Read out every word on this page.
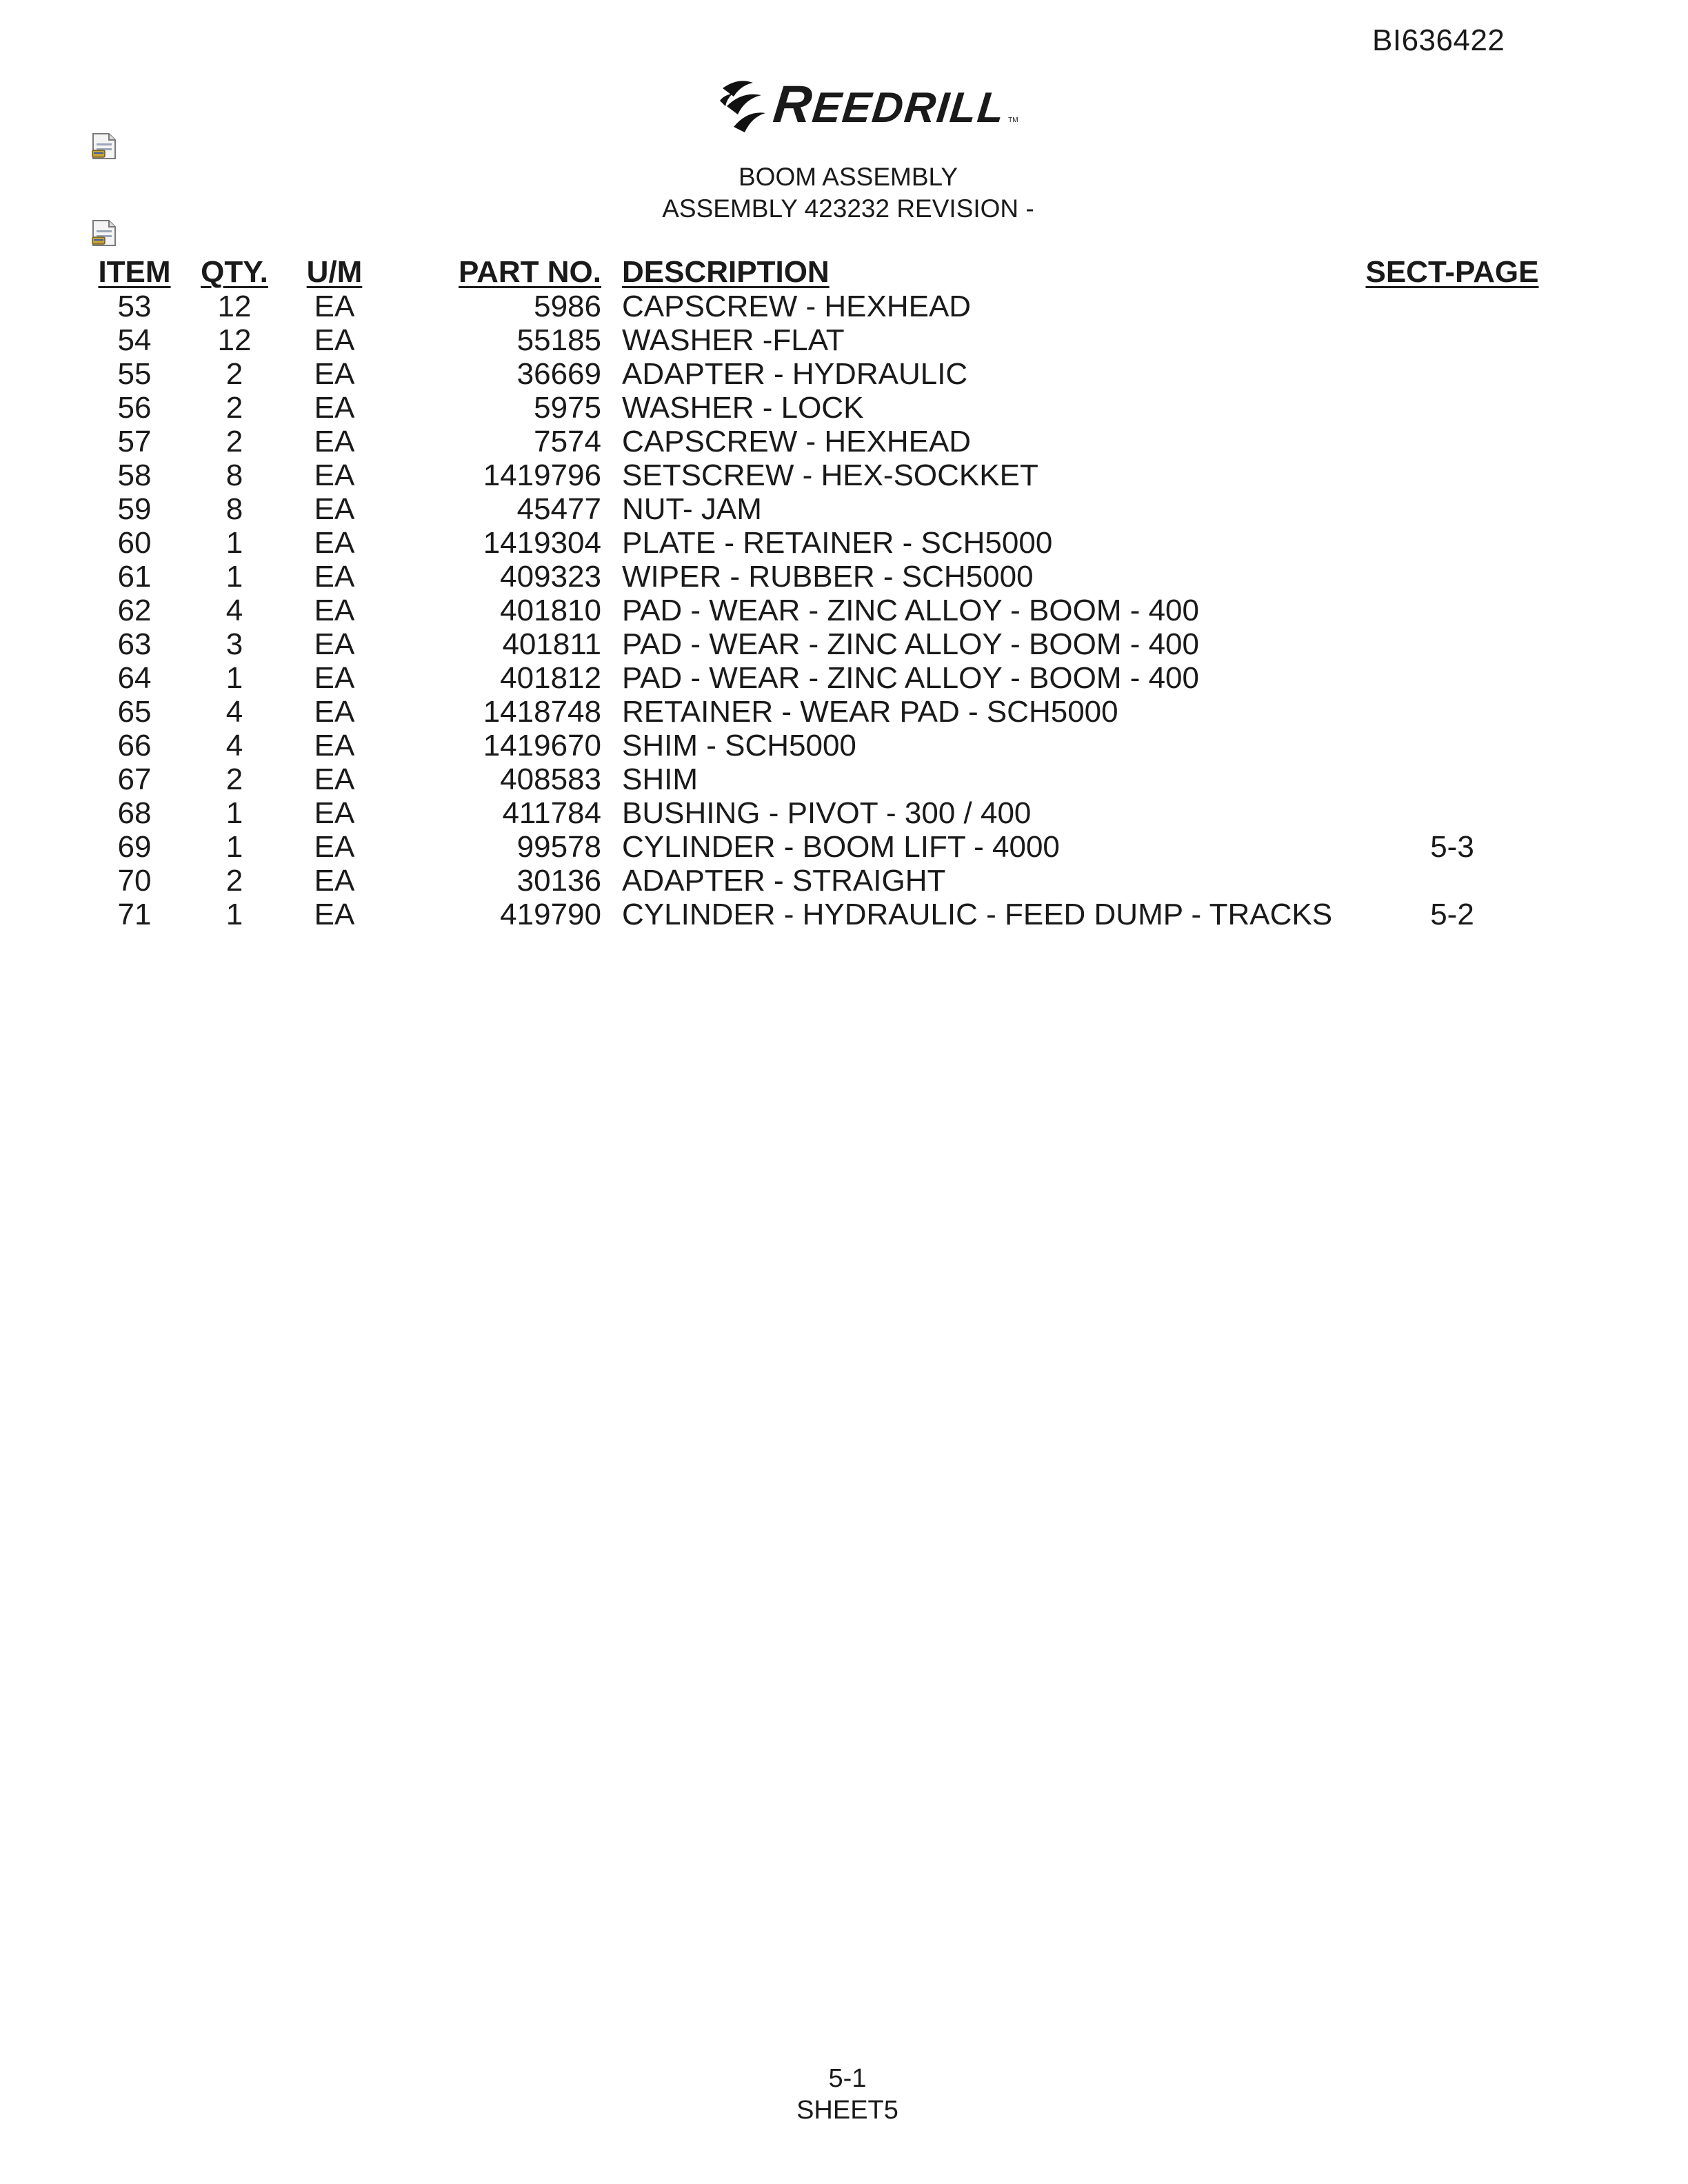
BI636422
REEDRILL TM
BOOM ASSEMBLY
ASSEMBLY 423232 REVISION -
ITEM	QTY.	U/M	PART NO.	DESCRIPTION	SECT-PAGE
53	12	EA	5986	CAPSCREW - HEXHEAD	
54	12	EA	55185	WASHER -FLAT	
55	2	EA	36669	ADAPTER - HYDRAULIC	
56	2	EA	5975	WASHER - LOCK	
57	2	EA	7574	CAPSCREW - HEXHEAD	
58	8	EA	1419796	SETSCREW - HEX-SOCKKET	
59	8	EA	45477	NUT- JAM	
60	1	EA	1419304	PLATE - RETAINER - SCH5000	
61	1	EA	409323	WIPER - RUBBER - SCH5000	
62	4	EA	401810	PAD - WEAR - ZINC ALLOY - BOOM - 400	
63	3	EA	401811	PAD - WEAR - ZINC ALLOY - BOOM - 400	
64	1	EA	401812	PAD - WEAR - ZINC ALLOY - BOOM - 400	
65	4	EA	1418748	RETAINER - WEAR PAD - SCH5000	
66	4	EA	1419670	SHIM - SCH5000	
67	2	EA	408583	SHIM	
68	1	EA	411784	BUSHING - PIVOT - 300 / 400	
69	1	EA	99578	CYLINDER - BOOM LIFT - 4000	5-3
70	2	EA	30136	ADAPTER - STRAIGHT	
71	1	EA	419790	CYLINDER - HYDRAULIC - FEED DUMP - TRACKS	5-2
5-1
SHEET5
